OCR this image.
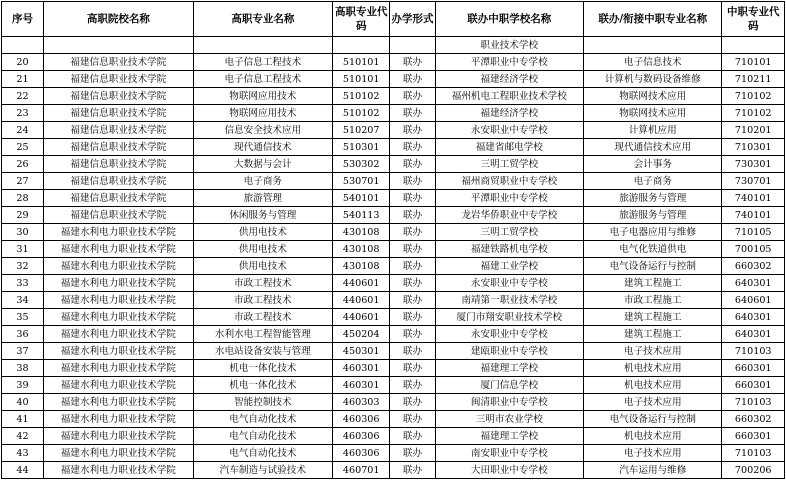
序号	高职院校名称	高职专业名称	高职专业代码	办学形式	联办中职学校名称	联办/衔接中职专业名称	中职专业代码
					职业技术学校		
20	福建信息职业技术学院	电子信息工程技术	510101	联办	平潭职业中专学校	电子信息技术	710101
21	福建信息职业技术学院	电子信息工程技术	510101	联办	福建经济学校	计算机与数码设备维修	710211
22	福建信息职业技术学院	物联网应用技术	510102	联办	福州机电工程职业技术学校	物联网技术应用	710102
23	福建信息职业技术学院	物联网应用技术	510102	联办	福建经济学校	物联网技术应用	710102
24	福建信息职业技术学院	信息安全技术应用	510207	联办	永安职业中专学校	计算机应用	710201
25	福建信息职业技术学院	现代通信技术	510301	联办	福建省邮电学校	现代通信技术应用	710301
26	福建信息职业技术学院	大数据与会计	530302	联办	三明工贸学校	会计事务	730301
27	福建信息职业技术学院	电子商务	530701	联办	福州商贸职业中专学校	电子商务	730701
28	福建信息职业技术学院	旅游管理	540101	联办	平潭职业中专学校	旅游服务与管理	740101
29	福建信息职业技术学院	休闲服务与管理	540113	联办	龙岩华侨职业中专学校	旅游服务与管理	740101
30	福建水利电力职业技术学院	供用电技术	430108	联办	三明工贸学校	电子电器应用与维修	710105
31	福建水利电力职业技术学院	供用电技术	430108	联办	福建铁路机电学校	电气化铁道供电	700105
32	福建水利电力职业技术学院	供用电技术	430108	联办	福建工业学校	电气设备运行与控制	660302
33	福建水利电力职业技术学院	市政工程技术	440601	联办	永安职业中专学校	建筑工程施工	640301
34	福建水利电力职业技术学院	市政工程技术	440601	联办	南靖第一职业技术学校	市政工程施工	640601
35	福建水利电力职业技术学院	市政工程技术	440601	联办	厦门市翔安职业技术学校	建筑工程施工	640301
36	福建水利电力职业技术学院	水利水电工程智能管理	450204	联办	永安职业中专学校	建筑工程施工	640301
37	福建水利电力职业技术学院	水电站设备安装与管理	450301	联办	建瓯职业中专学校	电子技术应用	710103
38	福建水利电力职业技术学院	机电一体化技术	460301	联办	福建理工学校	机电技术应用	660301
39	福建水利电力职业技术学院	机电一体化技术	460301	联办	厦门信息学校	机电技术应用	660301
40	福建水利电力职业技术学院	智能控制技术	460303	联办	闽清职业中专学校	电子技术应用	710103
41	福建水利电力职业技术学院	电气自动化技术	460306	联办	三明市农业学校	电气设备运行与控制	660302
42	福建水利电力职业技术学院	电气自动化技术	460306	联办	福建理工学校	机电技术应用	660301
43	福建水利电力职业技术学院	电气自动化技术	460306	联办	南安职业中专学校	电子技术应用	710103
44	福建水利电力职业技术学院	汽车制造与试验技术	460701	联办	大田职业中专学校	汽车运用与维修	700206
